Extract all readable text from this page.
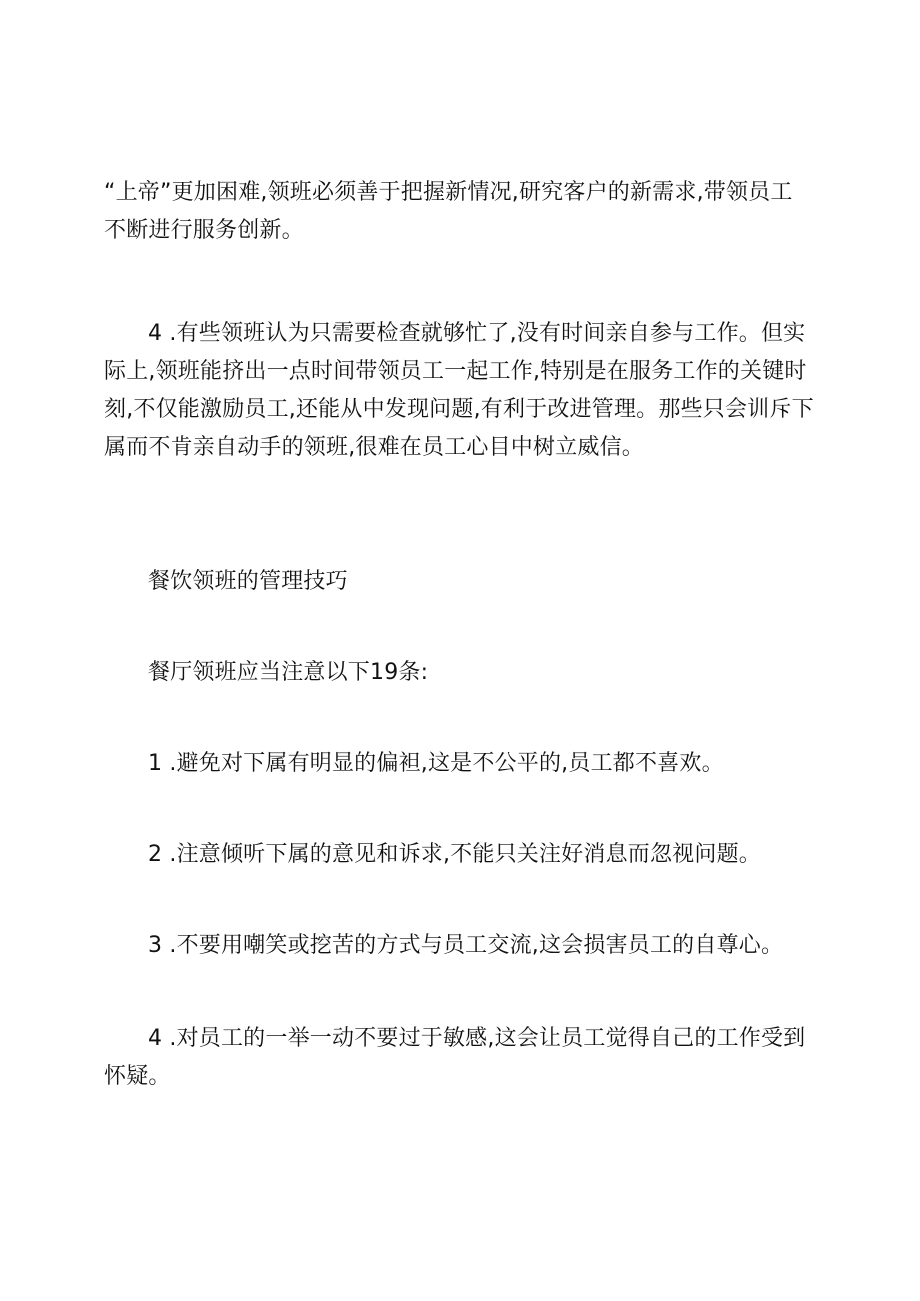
“上帝”更加困难,领班必须善于把握新情况,研究客户的新需求,带领员工
不断进行服务创新。

4 .有些领班认为只需要检查就够忙了,没有时间亲自参与工作。但实
际上,领班能挤出一点时间带领员工一起工作,特别是在服务工作的关键时
刻,不仅能激励员工,还能从中发现问题,有利于改进管理。那些只会训斥下
属而不肯亲自动手的领班,很难在员工心目中树立威信。

餐饮领班的管理技巧

餐厅领班应当注意以下19条:

1 .避免对下属有明显的偏袒,这是不公平的,员工都不喜欢。

2 .注意倾听下属的意见和诉求,不能只关注好消息而忽视问题。

3 .不要用嘲笑或挖苦的方式与员工交流,这会损害员工的自尊心。

4 .对员工的一举一动不要过于敏感,这会让员工觉得自己的工作受到
怀疑。
